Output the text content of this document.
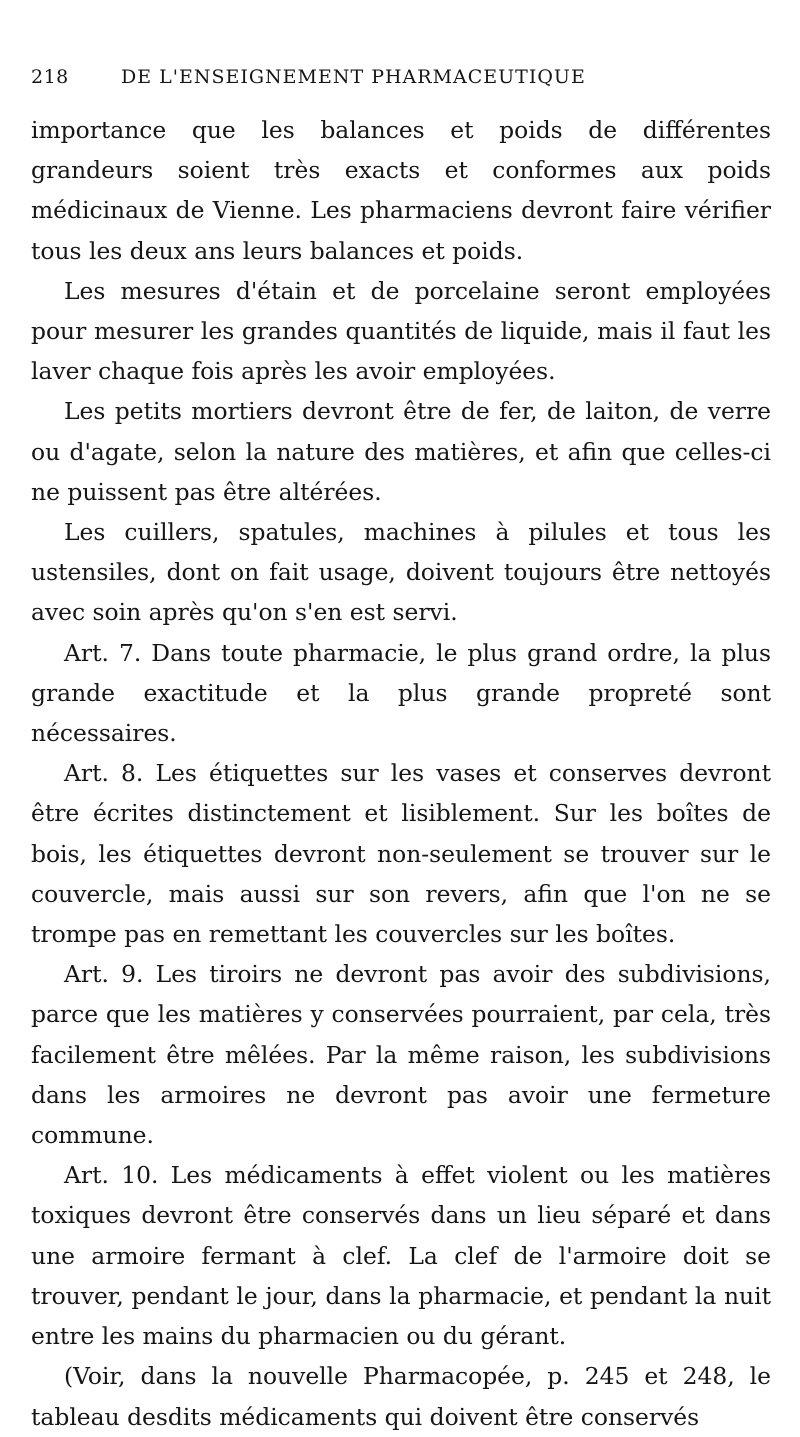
218	DE L'ENSEIGNEMENT PHARMACEUTIQUE

importance que les balances et poids de différentes grandeurs soient très exacts et conformes aux poids médicinaux de Vienne. Les pharmaciens devront faire vérifier tous les deux ans leurs balances et poids.

Les mesures d'étain et de porcelaine seront employées pour mesurer les grandes quantités de liquide, mais il faut les laver chaque fois après les avoir employées.

Les petits mortiers devront être de fer, de laiton, de verre ou d'agate, selon la nature des matières, et afin que celles-ci ne puissent pas être altérées.

Les cuillers, spatules, machines à pilules et tous les ustensiles, dont on fait usage, doivent toujours être nettoyés avec soin après qu'on s'en est servi.

Art. 7. Dans toute pharmacie, le plus grand ordre, la plus grande exactitude et la plus grande propreté sont nécessaires.

Art. 8. Les étiquettes sur les vases et conserves devront être écrites distinctement et lisiblement. Sur les boîtes de bois, les étiquettes devront non-seulement se trouver sur le couvercle, mais aussi sur son revers, afin que l'on ne se trompe pas en remettant les couvercles sur les boîtes.

Art. 9. Les tiroirs ne devront pas avoir des subdivisions, parce que les matières y conservées pourraient, par cela, très facilement être mêlées. Par la même raison, les subdivisions dans les armoires ne devront pas avoir une fermeture commune.

Art. 10. Les médicaments à effet violent ou les matières toxiques devront être conservés dans un lieu séparé et dans une armoire fermant à clef. La clef de l'armoire doit se trouver, pendant le jour, dans la pharmacie, et pendant la nuit entre les mains du pharmacien ou du gérant.

(Voir, dans la nouvelle Pharmacopée, p. 245 et 248, le tableau desdits médicaments qui doivent être conservés
